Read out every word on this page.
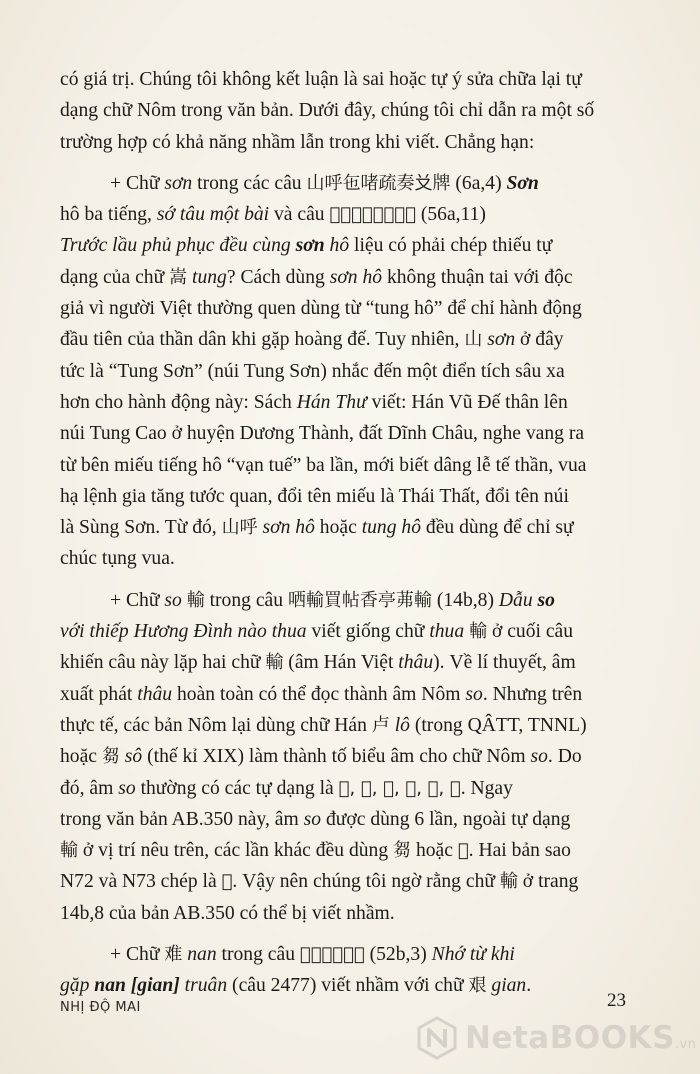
có giá trị. Chúng tôi không kết luận là sai hoặc tự ý sửa chữa lại tự
dạng chữ Nôm trong văn bản. Dưới đây, chúng tôi chỉ dẫn ra một số
trường hợp có khả năng nhầm lẫn trong khi viết. Chẳng hạn:

+ Chữ sơn trong các câu 山呼㐌啫疏奏𠬠牌 (6a,4) Sơn
hô ba tiếng, sớ tâu một bài và câu 𡉞楼俯伏調共山呼 (56a,11)
Trước lầu phủ phục đều cùng sơn hô liệu có phải chép thiếu tự
dạng của chữ 嵩 tung? Cách dùng sơn hô không thuận tai với độc
giả vì người Việt thường quen dùng từ “tung hô” để chỉ hành động
đầu tiên của thần dân khi gặp hoàng đế. Tuy nhiên, 山 sơn ở đây
tức là “Tung Sơn” (núi Tung Sơn) nhắc đến một điển tích sâu xa
hơn cho hành động này: Sách Hán Thư viết: Hán Vũ Đế thân lên
núi Tung Cao ở huyện Dương Thành, đất Dĩnh Châu, nghe vang ra
từ bên miếu tiếng hô “vạn tuế” ba lần, mới biết dâng lễ tế thần, vua
hạ lệnh gia tăng tước quan, đổi tên miếu là Thái Thất, đổi tên núi
là Sùng Sơn. Từ đó, 山呼 sơn hô hoặc tung hô đều dùng để chỉ sự
chúc tụng vua.

+ Chữ so 輸 trong câu 哂輸買帖香亭茀輸 (14b,8) Dẫu so
với thiếp Hương Đình nào thua viết giống chữ thua 輸 ở cuối câu
khiến câu này lặp hai chữ 輸 (âm Hán Việt thâu). Về lí thuyết, âm
xuất phát thâu hoàn toàn có thể đọc thành âm Nôm so. Nhưng trên
thực tế, các bản Nôm lại dùng chữ Hán 卢 lô (trong QÂTT, TNNL)
hoặc 芻 sô (thế kỉ XIX) làm thành tố biểu âm cho chữ Nôm so. Do
đó, âm so thường có các tự dạng là 𫗃, 𢭂, 𨎟, 𩋂, 芻, 𢷀. Ngay
trong văn bản AB.350 này, âm so được dùng 6 lần, ngoài tự dạng
輸 ở vị trí nêu trên, các lần khác đều dùng 芻 hoặc 𢷀. Hai bản sao
N72 và N73 chép là 𢷀. Vậy nên chúng tôi ngờ rằng chữ 輸 ở trang
14b,8 của bản AB.350 có thể bị viết nhầm.

+ Chữ 难 nan trong câu 𢗷徐欺返难屯 (52b,3) Nhớ từ khi
gặp nan [gian] truân (câu 2477) viết nhầm với chữ 艰 gian.

NHỊ ĐỘ MAI	23
NetaBOOKS.vn
